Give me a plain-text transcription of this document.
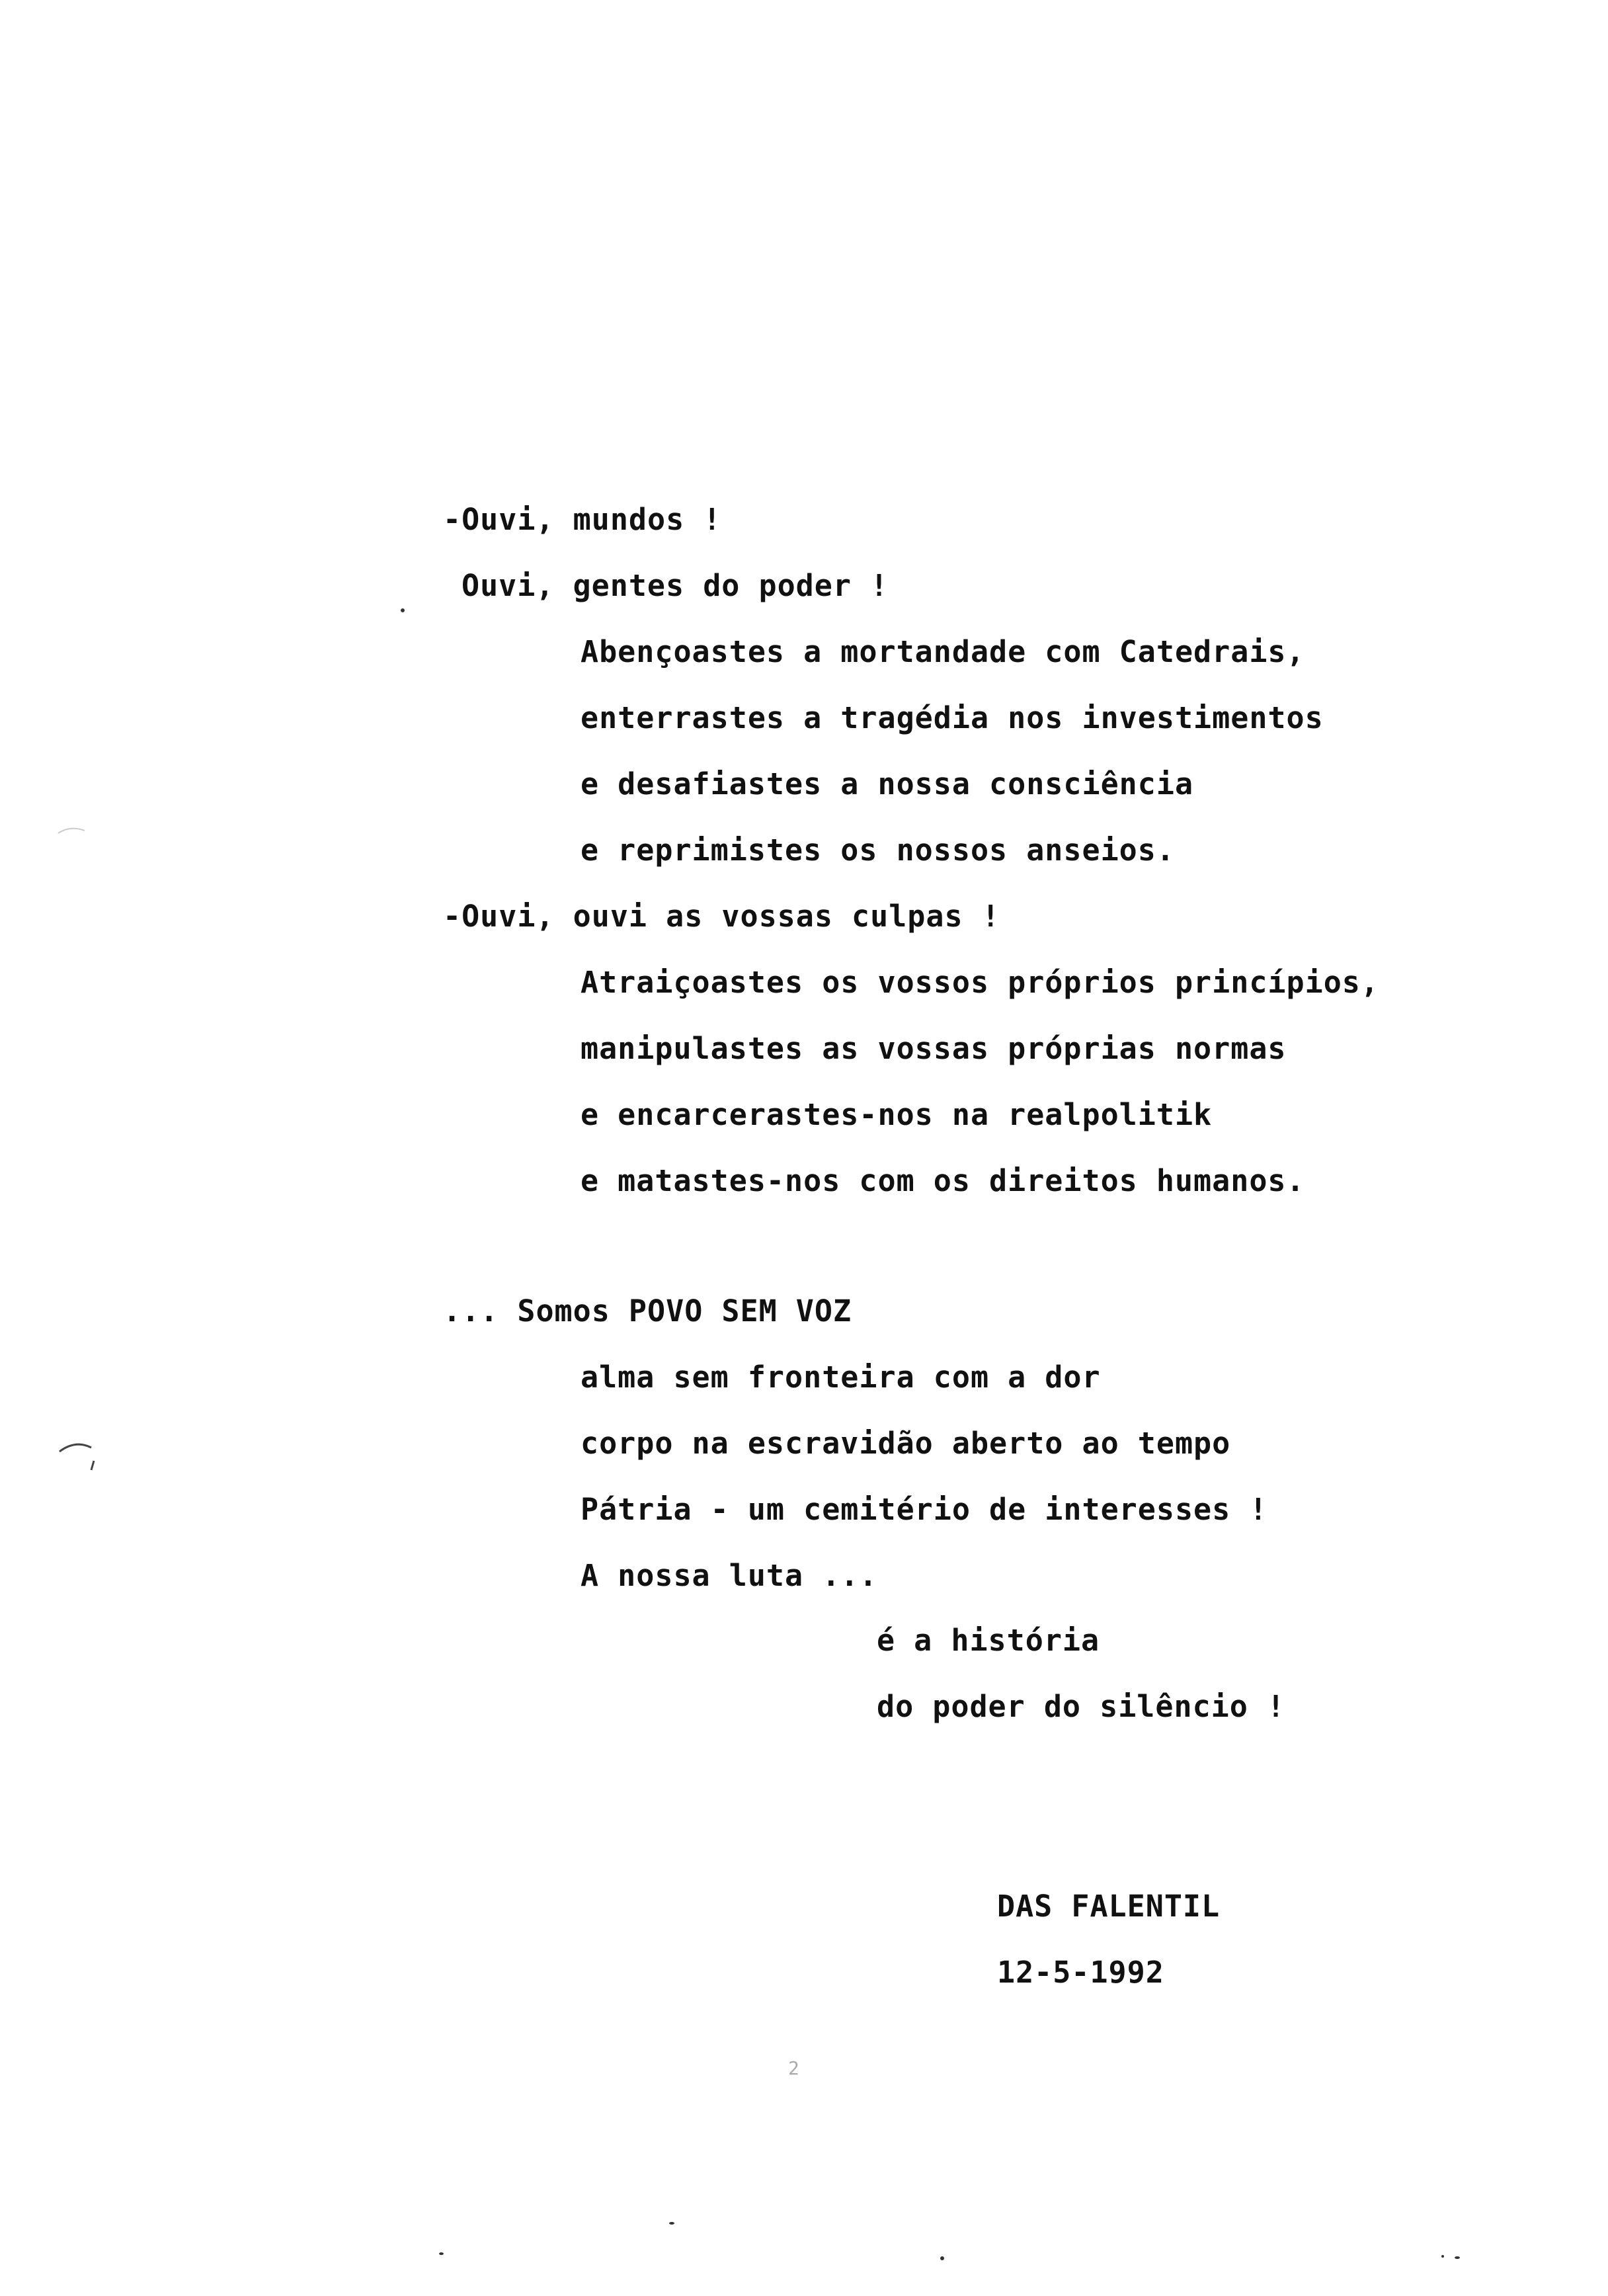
-Ouvi, mundos !
Ouvi, gentes do poder !
Abençoastes a mortandade com Catedrais,
enterrastes a tragédia nos investimentos
e desafiastes a nossa consciência
e reprimistes os nossos anseios.
-Ouvi, ouvi as vossas culpas !
Atraiçoastes os vossos próprios princípios,
manipulastes as vossas próprias normas
e encarcerastes-nos na realpolitik
e matastes-nos com os direitos humanos.
... Somos POVO SEM VOZ
alma sem fronteira com a dor
corpo na escravidão aberto ao tempo
Pátria - um cemitério de interesses !
A nossa luta ...
é a história
do poder do silêncio !
DAS FALENTIL
12-5-1992
2
